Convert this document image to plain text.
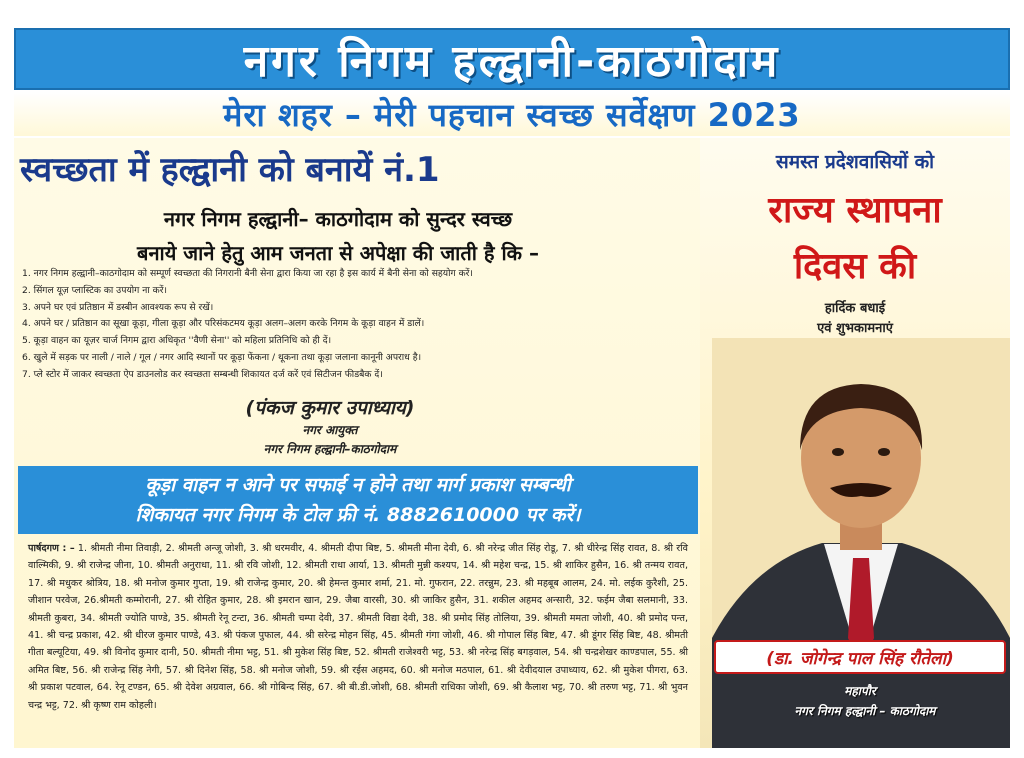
नगर निगम हल्द्वानी-काठगोदाम
मेरा शहर – मेरी पहचान स्वच्छ सर्वेक्षण 2023
स्वच्छता में हल्द्वानी को बनायें नं.1
नगर निगम हल्द्वानी– काठगोदाम को सुन्दर स्वच्छ
बनाये जाने हेतु आम जनता से अपेक्षा की जाती है कि –
1. नगर निगम हल्द्वानी–काठगोदाम को सम्पूर्ण स्वच्छता की निगरानी बैनी सेना द्वारा किया जा रहा है इस कार्य में बैनी सेना को सहयोग करें।
2. सिंगल यूज़ प्लास्टिक का उपयोग ना करें।
3. अपने घर एवं प्रतिष्ठान में डस्बीन आवश्यक रूप से रखें।
4. अपने घर / प्रतिष्ठान का सूखा कूड़ा, गीला कूड़ा और परिसंकटमय कूड़ा अलग–अलग करके निगम के कूड़ा वाहन में डालें।
5. कूड़ा वाहन का यूज़र चार्ज निगम द्वारा अधिकृत ''वैणी सेना'' को महिला प्रतिनिधि को ही दें।
6. खुले में सड़क पर नाली / नाले / गूल / नगर आदि स्थानों पर कूड़ा फेंकना / थूकना तथा कूड़ा जलाना कानूनी अपराध है।
7. प्ले स्टोर में जाकर स्वच्छता ऐप डाउनलोड कर स्वच्छता सम्बन्धी शिकायत दर्ज करें एवं सिटीजन फीडबैक दें।
(पंकज कुमार उपाध्याय)
नगर आयुक्त
नगर निगम हल्द्वानी–काठगोदाम
कूड़ा वाहन न आने पर सफाई न होने तथा मार्ग प्रकाश सम्बन्धी
शिकायत नगर निगम के टोल फ्री नं. 8882610000 पर करें।
पार्षदगण : – 1. श्रीमती नीमा तिवाड़ी, 2. श्रीमती अन्जू जोशी, 3. श्री धरमवीर, 4. श्रीमती दीपा बिष्ट, 5. श्रीमती मीना देवी, 6. श्री नरेन्द्र जीत सिंह रोडू, 7. श्री धीरेन्द्र सिंह रावत, 8. श्री रवि वाल्मिकी, 9. श्री राजेन्द्र जीना, 10. श्रीमती अनुराधा, 11. श्री रवि जोशी, 12. श्रीमती राधा आर्या, 13. श्रीमती मुन्नी कश्यप, 14. श्री महेश चन्द्र, 15. श्री शाकिर हुसैन, 16. श्री तन्मय रावत, 17. श्री मधुकर श्रोत्रिय, 18. श्री मनोज कुमार गुप्ता, 19. श्री राजेन्द्र कुमार, 20. श्री हेमन्त कुमार शर्मा, 21. मो. गुफरान, 22. तरन्नुम, 23. श्री महबूब आलम, 24. मो. लईक कुरैशी, 25. जीशान परवेज, 26.श्रीमती कम्मोरानी, 27. श्री रोहित कुमार, 28. श्री इमरान खान, 29. जैबा वारसी, 30. श्री जाकिर हुसैन, 31. शकील अहमद अन्सारी, 32. फईम जैबा सलमानी, 33. श्रीमती कुबरा, 34. श्रीमती ज्योति पाण्डे, 35. श्रीमती रेनू टन्टा, 36. श्रीमती चम्पा देवी, 37. श्रीमती विद्या देवी, 38. श्री प्रमोद सिंह तोलिया, 39. श्रीमती ममता जोशी, 40. श्री प्रमोद पन्त, 41. श्री चन्द्र प्रकाश, 42. श्री धीरज कुमार पाण्डे, 43. श्री पंकज पुफाल, 44. श्री सरेन्द्र मोहन सिंह, 45. श्रीमती गंगा जोशी, 46. श्री गोपाल सिंह बिष्ट, 47. श्री डूंगर सिंह बिष्ट, 48. श्रीमती गीता बल्यूटिया, 49. श्री विनोद कुमार दानी, 50. श्रीमती नीमा भट्ट, 51. श्री मुकेश सिंह बिष्ट, 52. श्रीमती राजेश्वरी भट्ट, 53. श्री नरेन्द्र सिंह बगड़वाल, 54. श्री चन्द्रशेखर काण्डपाल, 55. श्री अमित बिष्ट, 56. श्री राजेन्द्र सिंह नेगी, 57. श्री दिनेश सिंह, 58. श्री मनोज जोशी, 59. श्री रईस अहमद, 60. श्री मनोज मठपाल, 61. श्री देवीदयाल उपाध्याय, 62. श्री मुकेश पीगरा, 63. श्री प्रकाश पटवाल, 64. रेनू टण्डन, 65. श्री देवेश अग्रवाल, 66. श्री गोबिन्द सिंह, 67. श्री बी.डी.जोशी, 68. श्रीमती राधिका जोशी, 69. श्री कैलाश भट्ट, 70. श्री तरुण भट्ट, 71. श्री भुवन चन्द्र भट्ट, 72. श्री कृष्ण राम कोहली।
समस्त प्रदेशवासियों को
राज्य स्थापना
दिवस की
हार्दिक बधाई
एवं शुभकामनाएं
(डा. जोगेन्द्र पाल सिंह रौतेला)
महापौर
नगर निगम हल्द्वानी – काठगोदाम
